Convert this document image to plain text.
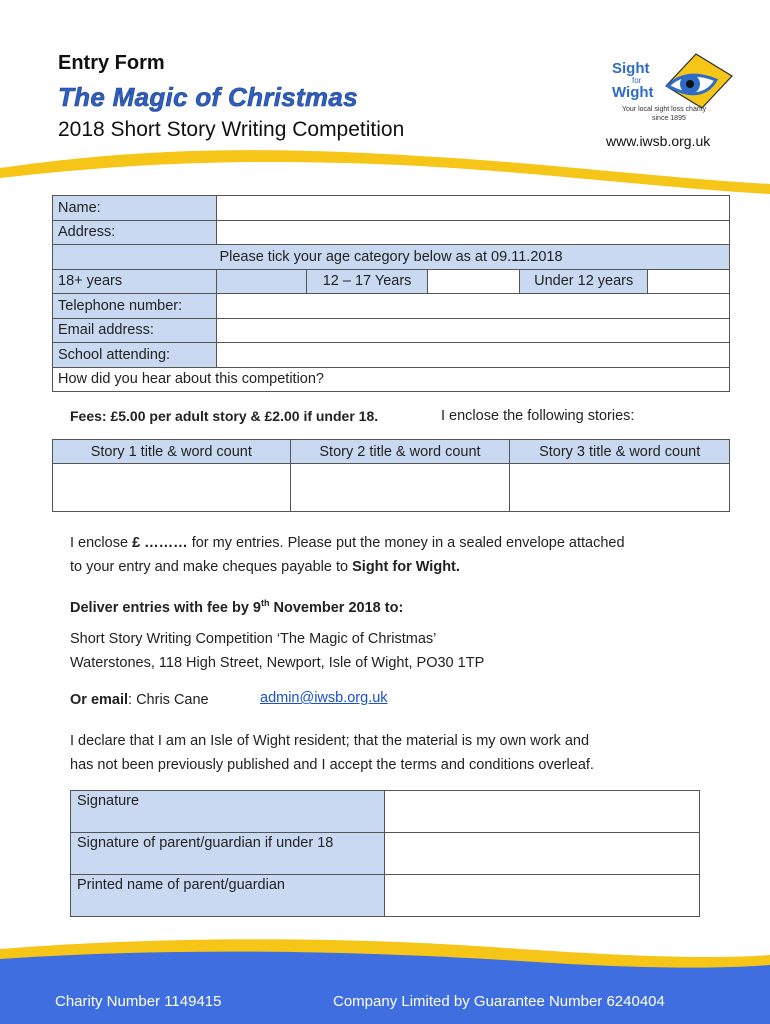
Entry Form
The Magic of Christmas
2018 Short Story Writing Competition
Sight
for
Wight
Your local sight loss charity
since 1895
www.iwsb.org.uk
Name:					
Address:					
Please tick your age category below as at 09.11.2018					
18+ years		12 – 17 Years		Under 12 years	
Telephone number:					
Email address:					
School attending:					
How did you hear about this competition?					
Fees: £5.00 per adult story & £2.00 if under 18.	I enclose the following stories:
Story 1 title & word count	Story 2 title & word count	Story 3 title & word count

I enclose £ ……… for my entries. Please put the money in a sealed envelope attached
to your entry and make cheques payable to Sight for Wight.
Deliver entries with fee by 9th November 2018 to:
Short Story Writing Competition ‘The Magic of Christmas’
Waterstones, 118 High Street, Newport, Isle of Wight, PO30 1TP
Or email: Chris Cane	admin@iwsb.org.uk
I declare that I am an Isle of Wight resident; that the material is my own work and
has not been previously published and I accept the terms and conditions overleaf.
Signature	
Signature of parent/guardian if under 18	
Printed name of parent/guardian	
Charity Number 1149415	Company Limited by Guarantee Number 6240404
